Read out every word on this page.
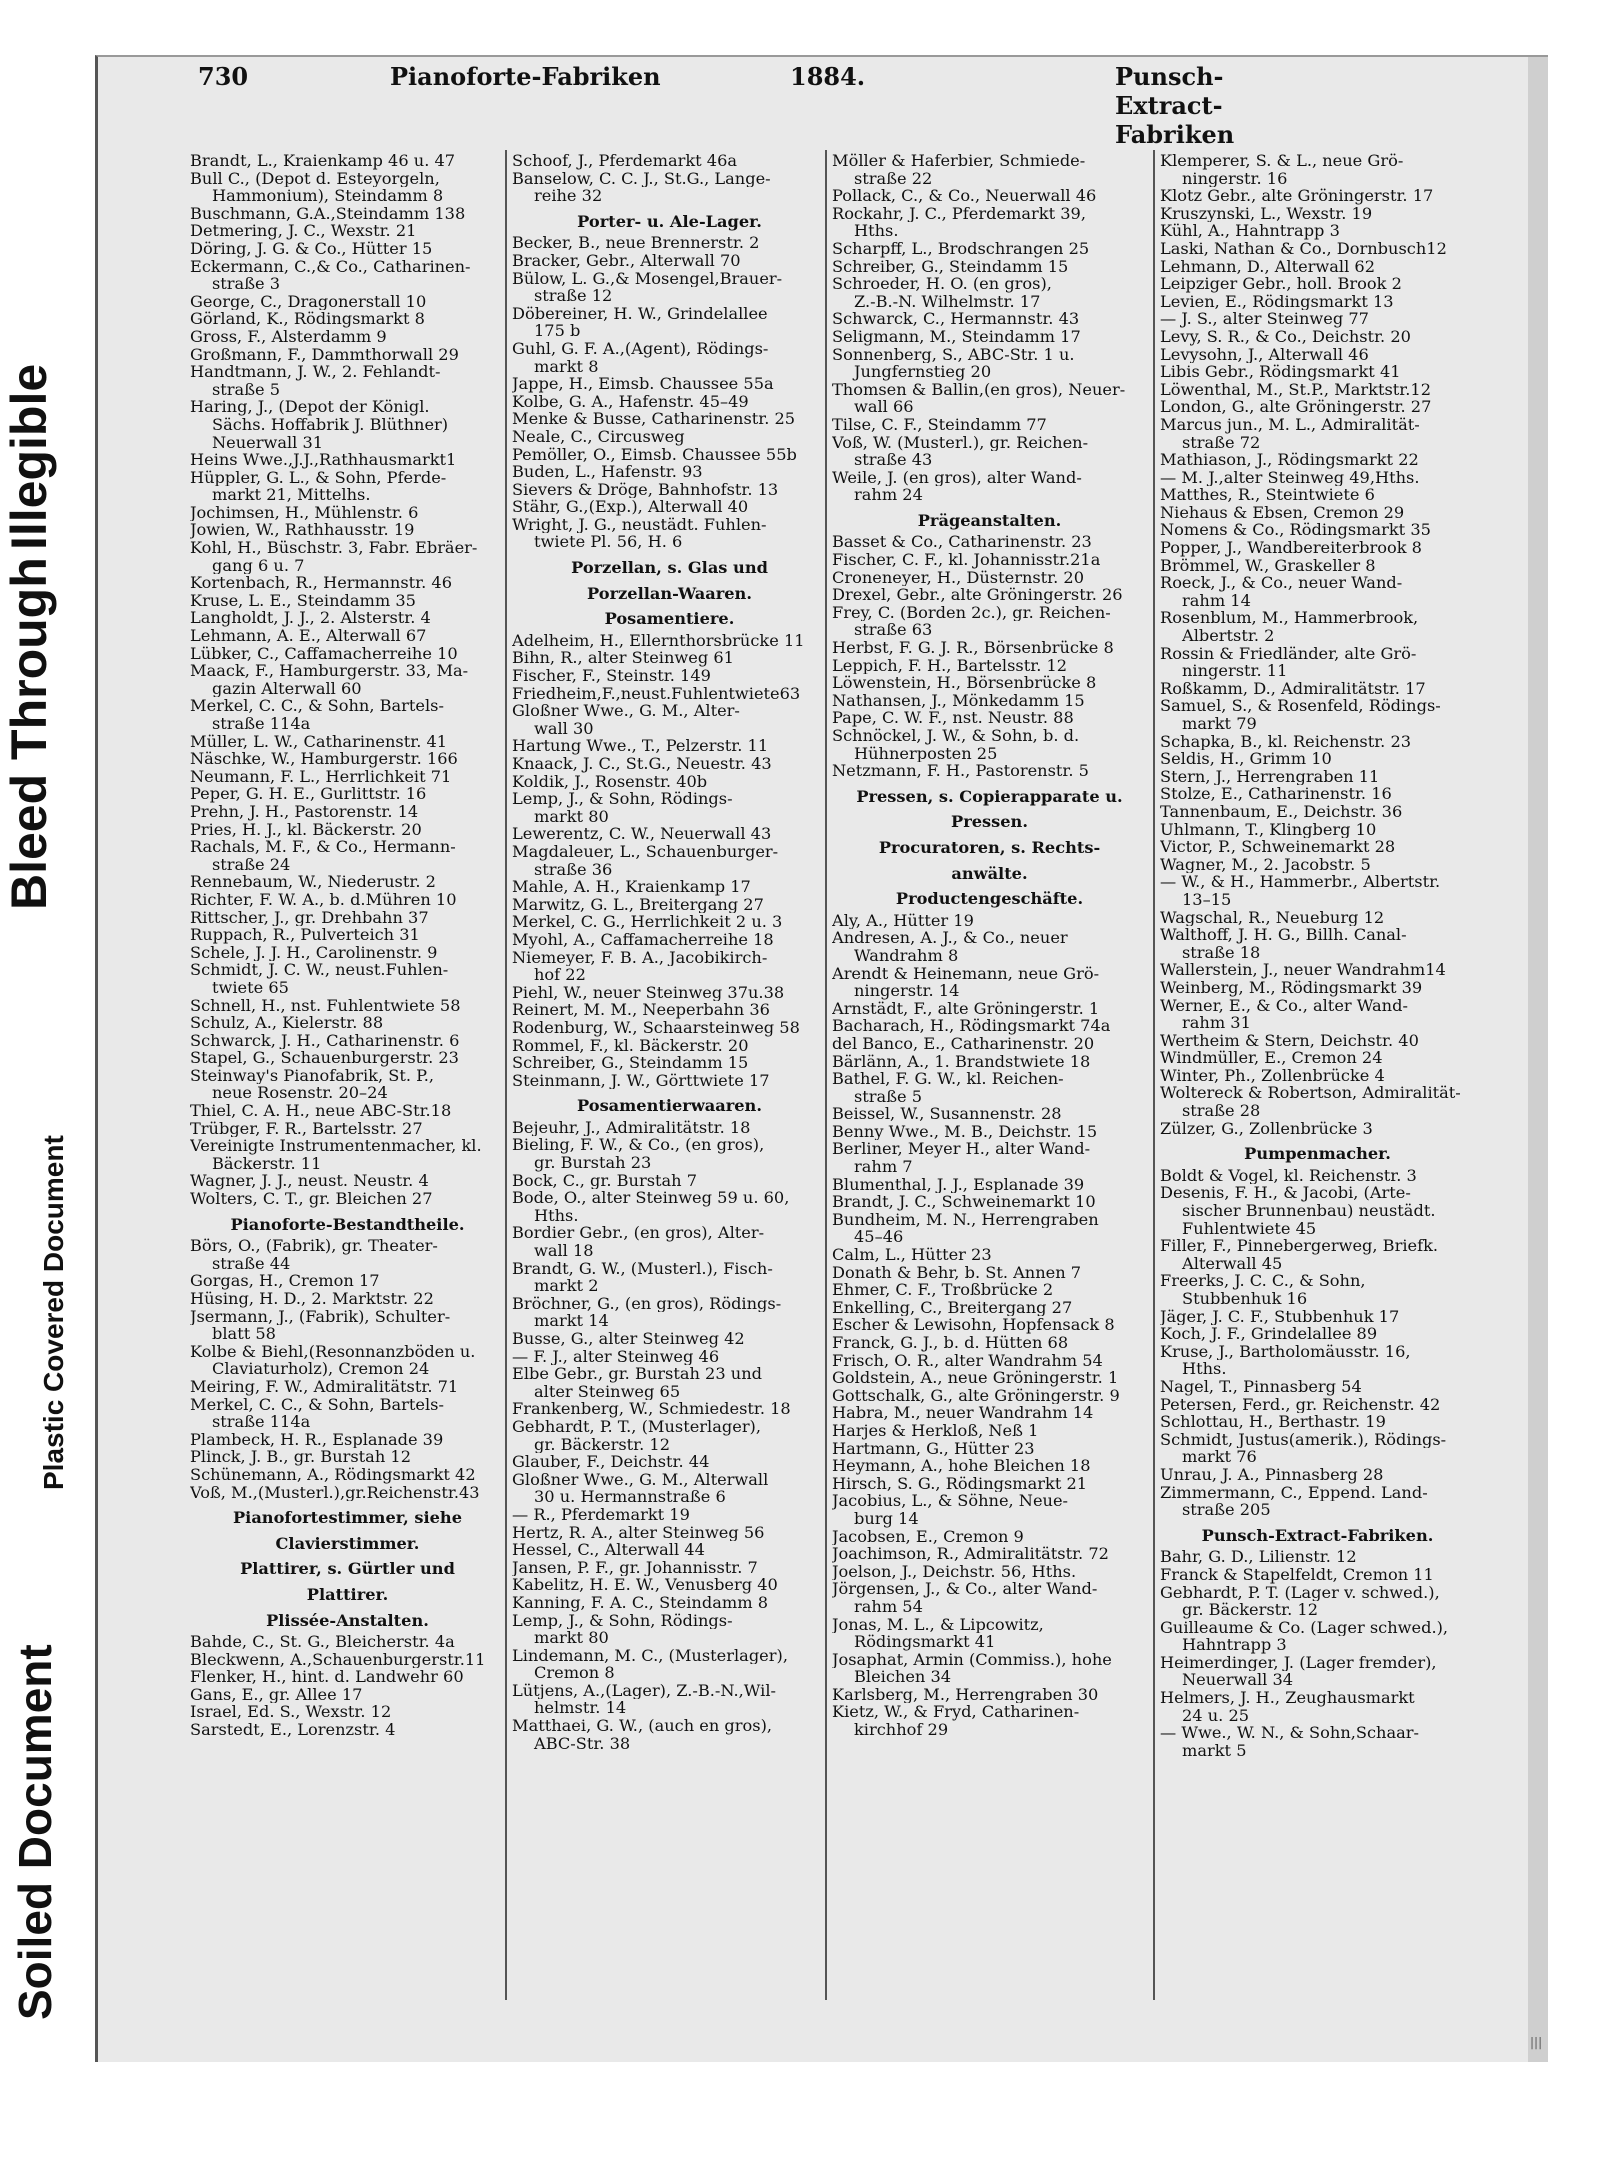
Soiled Document
Plastic Covered Document
Bleed Through
Illegible
730	Pianoforte-Fabriken	1884.	Punsch-Extract-Fabriken
Brandt, L., Kraienkamp 46 u. 47
Bull C., (Depot d. Esteyorgeln,
Hammonium), Steindamm 8
Buschmann, G.A.,Steindamm 138
Detmering, J. C., Wexstr. 21
Döring, J. G. & Co., Hütter 15
Eckermann, C.,& Co., Catharinen-
straße 3
George, C., Dragonerstall 10
Görland, K., Rödingsmarkt 8
Gross, F., Alsterdamm 9
Großmann, F., Dammthorwall 29
Handtmann, J. W., 2. Fehlandt-
straße 5
Haring, J., (Depot der Königl.
Sächs. Hoffabrik J. Blüthner)
Neuerwall 31
Heins Wwe.,J.J.,Rathhausmarkt1
Hüppler, G. L., & Sohn, Pferde-
markt 21, Mittelhs.
Jochimsen, H., Mühlenstr. 6
Jowien, W., Rathhausstr. 19
Kohl, H., Büschstr. 3, Fabr. Ebräer-
gang 6 u. 7
Kortenbach, R., Hermannstr. 46
Kruse, L. E., Steindamm 35
Langholdt, J. J., 2. Alsterstr. 4
Lehmann, A. E., Alterwall 67
Lübker, C., Caffamacherreihe 10
Maack, F., Hamburgerstr. 33, Ma-
gazin Alterwall 60
Merkel, C. C., & Sohn, Bartels-
straße 114a
Müller, L. W., Catharinenstr. 41
Näschke, W., Hamburgerstr. 166
Neumann, F. L., Herrlichkeit 71
Peper, G. H. E., Gurlittstr. 16
Prehn, J. H., Pastorenstr. 14
Pries, H. J., kl. Bäckerstr. 20
Rachals, M. F., & Co., Hermann-
straße 24
Rennebaum, W., Niederustr. 2
Richter, F. W. A., b. d.Mühren 10
Rittscher, J., gr. Drehbahn 37
Ruppach, R., Pulverteich 31
Schele, J. J. H., Carolinenstr. 9
Schmidt, J. C. W., neust.Fuhlen-
twiete 65
Schnell, H., nst. Fuhlentwiete 58
Schulz, A., Kielerstr. 88
Schwarck, J. H., Catharinenstr. 6
Stapel, G., Schauenburgerstr. 23
Steinway's Pianofabrik, St. P.,
neue Rosenstr. 20–24
Thiel, C. A. H., neue ABC-Str.18
Trübger, F. R., Bartelsstr. 27
Vereinigte Instrumentenmacher, kl.
Bäckerstr. 11
Wagner, J. J., neust. Neustr. 4
Wolters, C. T., gr. Bleichen 27
Pianoforte-Bestandtheile.
Börs, O., (Fabrik), gr. Theater-
straße 44
Gorgas, H., Cremon 17
Hüsing, H. D., 2. Marktstr. 22
Jsermann, J., (Fabrik), Schulter-
blatt 58
Kolbe & Biehl,(Resonnanzböden u.
Claviaturholz), Cremon 24
Meiring, F. W., Admiralitätstr. 71
Merkel, C. C., & Sohn, Bartels-
straße 114a
Plambeck, H. R., Esplanade 39
Plinck, J. B., gr. Burstah 12
Schünemann, A., Rödingsmarkt 42
Voß, M.,(Musterl.),gr.Reichenstr.43
Pianofortestimmer, siehe
Clavierstimmer.
Plattirer, s. Gürtler und
Plattirer.
Plissée-Anstalten.
Bahde, C., St. G., Bleicherstr. 4a
Bleckwenn, A.,Schauenburgerstr.11
Flenker, H., hint. d. Landwehr 60
Gans, E., gr. Allee 17
Israel, Ed. S., Wexstr. 12
Sarstedt, E., Lorenzstr. 4
Schoof, J., Pferdemarkt 46a
Banselow, C. C. J., St.G., Lange-
reihe 32
Porter- u. Ale-Lager.
Becker, B., neue Brennerstr. 2
Bracker, Gebr., Alterwall 70
Bülow, L. G.,& Mosengel,Brauer-
straße 12
Döbereiner, H. W., Grindelallee
175 b
Guhl, G. F. A.,(Agent), Rödings-
markt 8
Jappe, H., Eimsb. Chaussee 55a
Kolbe, G. A., Hafenstr. 45–49
Menke & Busse, Catharinenstr. 25
Neale, C., Circusweg
Pemöller, O., Eimsb. Chaussee 55b
Buden, L., Hafenstr. 93
Sievers & Dröge, Bahnhofstr. 13
Stähr, G.,(Exp.), Alterwall 40
Wright, J. G., neustädt. Fuhlen-
twiete Pl. 56, H. 6
Porzellan, s. Glas und
Porzellan-Waaren.
Posamentiere.
Adelheim, H., Ellernthorsbrücke 11
Bihn, R., alter Steinweg 61
Fischer, F., Steinstr. 149
Friedheim,F.,neust.Fuhlentwiete63
Gloßner Wwe., G. M., Alter-
wall 30
Hartung Wwe., T., Pelzerstr. 11
Knaack, J. C., St.G., Neuestr. 43
Koldik, J., Rosenstr. 40b
Lemp, J., & Sohn, Rödings-
markt 80
Lewerentz, C. W., Neuerwall 43
Magdaleuer, L., Schauenburger-
straße 36
Mahle, A. H., Kraienkamp 17
Marwitz, G. L., Breitergang 27
Merkel, C. G., Herrlichkeit 2 u. 3
Myohl, A., Caffamacherreihe 18
Niemeyer, F. B. A., Jacobikirch-
hof 22
Piehl, W., neuer Steinweg 37u.38
Reinert, M. M., Neeperbahn 36
Rodenburg, W., Schaarsteinweg 58
Rommel, F., kl. Bäckerstr. 20
Schreiber, G., Steindamm 15
Steinmann, J. W., Görttwiete 17
Posamentierwaaren.
Bejeuhr, J., Admiralitätstr. 18
Bieling, F. W., & Co., (en gros),
gr. Burstah 23
Bock, C., gr. Burstah 7
Bode, O., alter Steinweg 59 u. 60,
Hths.
Bordier Gebr., (en gros), Alter-
wall 18
Brandt, G. W., (Musterl.), Fisch-
markt 2
Bröchner, G., (en gros), Rödings-
markt 14
Busse, G., alter Steinweg 42
— F. J., alter Steinweg 46
Elbe Gebr., gr. Burstah 23 und
alter Steinweg 65
Frankenberg, W., Schmiedestr. 18
Gebhardt, P. T., (Musterlager),
gr. Bäckerstr. 12
Glauber, F., Deichstr. 44
Gloßner Wwe., G. M., Alterwall
30 u. Hermannstraße 6
— R., Pferdemarkt 19
Hertz, R. A., alter Steinweg 56
Hessel, C., Alterwall 44
Jansen, P. F., gr. Johannisstr. 7
Kabelitz, H. E. W., Venusberg 40
Kanning, F. A. C., Steindamm 8
Lemp, J., & Sohn, Rödings-
markt 80
Lindemann, M. C., (Musterlager),
Cremon 8
Lütjens, A.,(Lager), Z.-B.-N.,Wil-
helmstr. 14
Matthaei, G. W., (auch en gros),
ABC-Str. 38
Möller & Haferbier, Schmiede-
straße 22
Pollack, C., & Co., Neuerwall 46
Rockahr, J. C., Pferdemarkt 39,
Hths.
Scharpff, L., Brodschrangen 25
Schreiber, G., Steindamm 15
Schroeder, H. O. (en gros),
Z.-B.-N. Wilhelmstr. 17
Schwarck, C., Hermannstr. 43
Seligmann, M., Steindamm 17
Sonnenberg, S., ABC-Str. 1 u.
Jungfernstieg 20
Thomsen & Ballin,(en gros), Neuer-
wall 66
Tilse, C. F., Steindamm 77
Voß, W. (Musterl.), gr. Reichen-
straße 43
Weile, J. (en gros), alter Wand-
rahm 24
Prägeanstalten.
Basset & Co., Catharinenstr. 23
Fischer, C. F., kl. Johannisstr.21a
Croneneyer, H., Düsternstr. 20
Drexel, Gebr., alte Gröningerstr. 26
Frey, C. (Borden 2c.), gr. Reichen-
straße 63
Herbst, F. G. J. R., Börsenbrücke 8
Leppich, F. H., Bartelsstr. 12
Löwenstein, H., Börsenbrücke 8
Nathansen, J., Mönkedamm 15
Pape, C. W. F., nst. Neustr. 88
Schnöckel, J. W., & Sohn, b. d.
Hühnerposten 25
Netzmann, F. H., Pastorenstr. 5
Pressen, s. Copierapparate u.
Pressen.
Procuratoren, s. Rechts-
anwälte.
Productengeschäfte.
Aly, A., Hütter 19
Andresen, A. J., & Co., neuer
Wandrahm 8
Arendt & Heinemann, neue Grö-
ningerstr. 14
Arnstädt, F., alte Gröningerstr. 1
Bacharach, H., Rödingsmarkt 74a
del Banco, E., Catharinenstr. 20
Bärlänn, A., 1. Brandstwiete 18
Bathel, F. G. W., kl. Reichen-
straße 5
Beissel, W., Susannenstr. 28
Benny Wwe., M. B., Deichstr. 15
Berliner, Meyer H., alter Wand-
rahm 7
Blumenthal, J. J., Esplanade 39
Brandt, J. C., Schweinemarkt 10
Bundheim, M. N., Herrengraben
45–46
Calm, L., Hütter 23
Donath & Behr, b. St. Annen 7
Ehmer, C. F., Troßbrücke 2
Enkelling, C., Breitergang 27
Escher & Lewisohn, Hopfensack 8
Franck, G. J., b. d. Hütten 68
Frisch, O. R., alter Wandrahm 54
Goldstein, A., neue Gröningerstr. 1
Gottschalk, G., alte Gröningerstr. 9
Habra, M., neuer Wandrahm 14
Harjes & Herkloß, Neß 1
Hartmann, G., Hütter 23
Heymann, A., hohe Bleichen 18
Hirsch, S. G., Rödingsmarkt 21
Jacobius, L., & Söhne, Neue-
burg 14
Jacobsen, E., Cremon 9
Joachimson, R., Admiralitätstr. 72
Joelson, J., Deichstr. 56, Hths.
Jörgensen, J., & Co., alter Wand-
rahm 54
Jonas, M. L., & Lipcowitz,
Rödingsmarkt 41
Josaphat, Armin (Commiss.), hohe
Bleichen 34
Karlsberg, M., Herrengraben 30
Kietz, W., & Fryd, Catharinen-
kirchhof 29
Klemperer, S. & L., neue Grö-
ningerstr. 16
Klotz Gebr., alte Gröningerstr. 17
Kruszynski, L., Wexstr. 19
Kühl, A., Hahntrapp 3
Laski, Nathan & Co., Dornbusch12
Lehmann, D., Alterwall 62
Leipziger Gebr., holl. Brook 2
Levien, E., Rödingsmarkt 13
— J. S., alter Steinweg 77
Levy, S. R., & Co., Deichstr. 20
Levysohn, J., Alterwall 46
Libis Gebr., Rödingsmarkt 41
Löwenthal, M., St.P., Marktstr.12
London, G., alte Gröningerstr. 27
Marcus jun., M. L., Admiralität-
straße 72
Mathiason, J., Rödingsmarkt 22
— M. J.,alter Steinweg 49,Hths.
Matthes, R., Steintwiete 6
Niehaus & Ebsen, Cremon 29
Nomens & Co., Rödingsmarkt 35
Popper, J., Wandbereiterbrook 8
Brömmel, W., Graskeller 8
Roeck, J., & Co., neuer Wand-
rahm 14
Rosenblum, M., Hammerbrook,
Albertstr. 2
Rossin & Friedländer, alte Grö-
ningerstr. 11
Roßkamm, D., Admiralitätstr. 17
Samuel, S., & Rosenfeld, Rödings-
markt 79
Schapka, B., kl. Reichenstr. 23
Seldis, H., Grimm 10
Stern, J., Herrengraben 11
Stolze, E., Catharinenstr. 16
Tannenbaum, E., Deichstr. 36
Uhlmann, T., Klingberg 10
Victor, P., Schweinemarkt 28
Wagner, M., 2. Jacobstr. 5
— W., & H., Hammerbr., Albertstr.
13–15
Wagschal, R., Neueburg 12
Walthoff, J. H. G., Billh. Canal-
straße 18
Wallerstein, J., neuer Wandrahm14
Weinberg, M., Rödingsmarkt 39
Werner, E., & Co., alter Wand-
rahm 31
Wertheim & Stern, Deichstr. 40
Windmüller, E., Cremon 24
Winter, Ph., Zollenbrücke 4
Woltereck & Robertson, Admiralität-
straße 28
Zülzer, G., Zollenbrücke 3
Pumpenmacher.
Boldt & Vogel, kl. Reichenstr. 3
Desenis, F. H., & Jacobi, (Arte-
sischer Brunnenbau) neustädt.
Fuhlentwiete 45
Filler, F., Pinnebergerweg, Briefk.
Alterwall 45
Freerks, J. C. C., & Sohn,
Stubbenhuk 16
Jäger, J. C. F., Stubbenhuk 17
Koch, J. F., Grindelallee 89
Kruse, J., Bartholomäusstr. 16,
Hths.
Nagel, T., Pinnasberg 54
Petersen, Ferd., gr. Reichenstr. 42
Schlottau, H., Berthastr. 19
Schmidt, Justus(amerik.), Rödings-
markt 76
Unrau, J. A., Pinnasberg 28
Zimmermann, C., Eppend. Land-
straße 205
Punsch-Extract-Fabriken.
Bahr, G. D., Lilienstr. 12
Franck & Stapelfeldt, Cremon 11
Gebhardt, P. T. (Lager v. schwed.),
gr. Bäckerstr. 12
Guilleaume & Co. (Lager schwed.),
Hahntrapp 3
Heimerdinger, J. (Lager fremder),
Neuerwall 34
Helmers, J. H., Zeughausmarkt
24 u. 25
— Wwe., W. N., & Sohn,Schaar-
markt 5
|||
